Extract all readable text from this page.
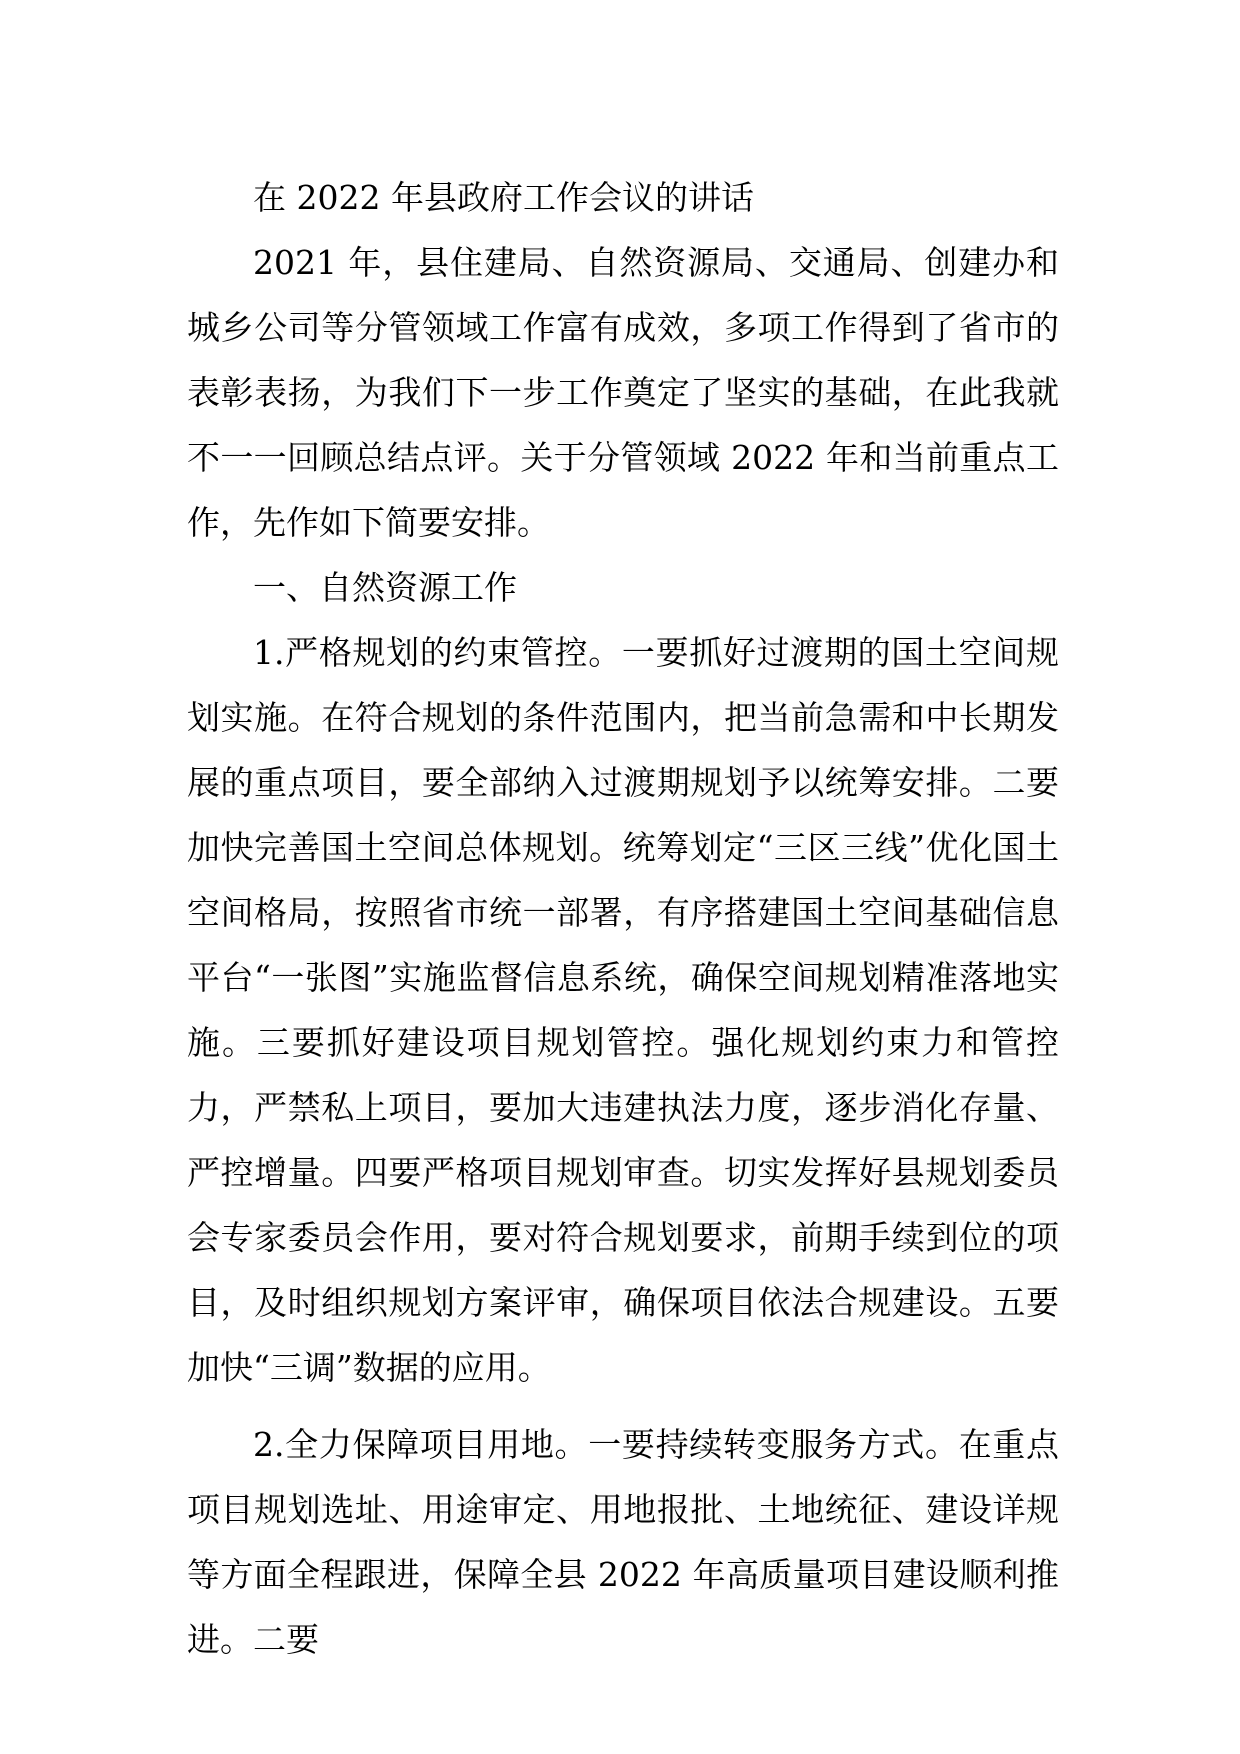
在 2022 年县政府工作会议的讲话

2021 年，县住建局、自然资源局、交通局、创建办和城乡公司等分管领域工作富有成效，多项工作得到了省市的表彰表扬，为我们下一步工作奠定了坚实的基础，在此我就不一一回顾总结点评。关于分管领域 2022 年和当前重点工作，先作如下简要安排。

一、自然资源工作

1.严格规划的约束管控。一要抓好过渡期的国土空间规划实施。在符合规划的条件范围内，把当前急需和中长期发展的重点项目，要全部纳入过渡期规划予以统筹安排。二要加快完善国土空间总体规划。统筹划定“三区三线”优化国土空间格局，按照省市统一部署，有序搭建国土空间基础信息平台“一张图”实施监督信息系统，确保空间规划精准落地实施。三要抓好建设项目规划管控。强化规划约束力和管控力，严禁私上项目，要加大违建执法力度，逐步消化存量、严控增量。四要严格项目规划审查。切实发挥好县规划委员会专家委员会作用，要对符合规划要求，前期手续到位的项目，及时组织规划方案评审，确保项目依法合规建设。五要加快“三调”数据的应用。

2.全力保障项目用地。一要持续转变服务方式。在重点项目规划选址、用途审定、用地报批、土地统征、建设详规等方面全程跟进，保障全县 2022 年高质量项目建设顺利推进。二要
